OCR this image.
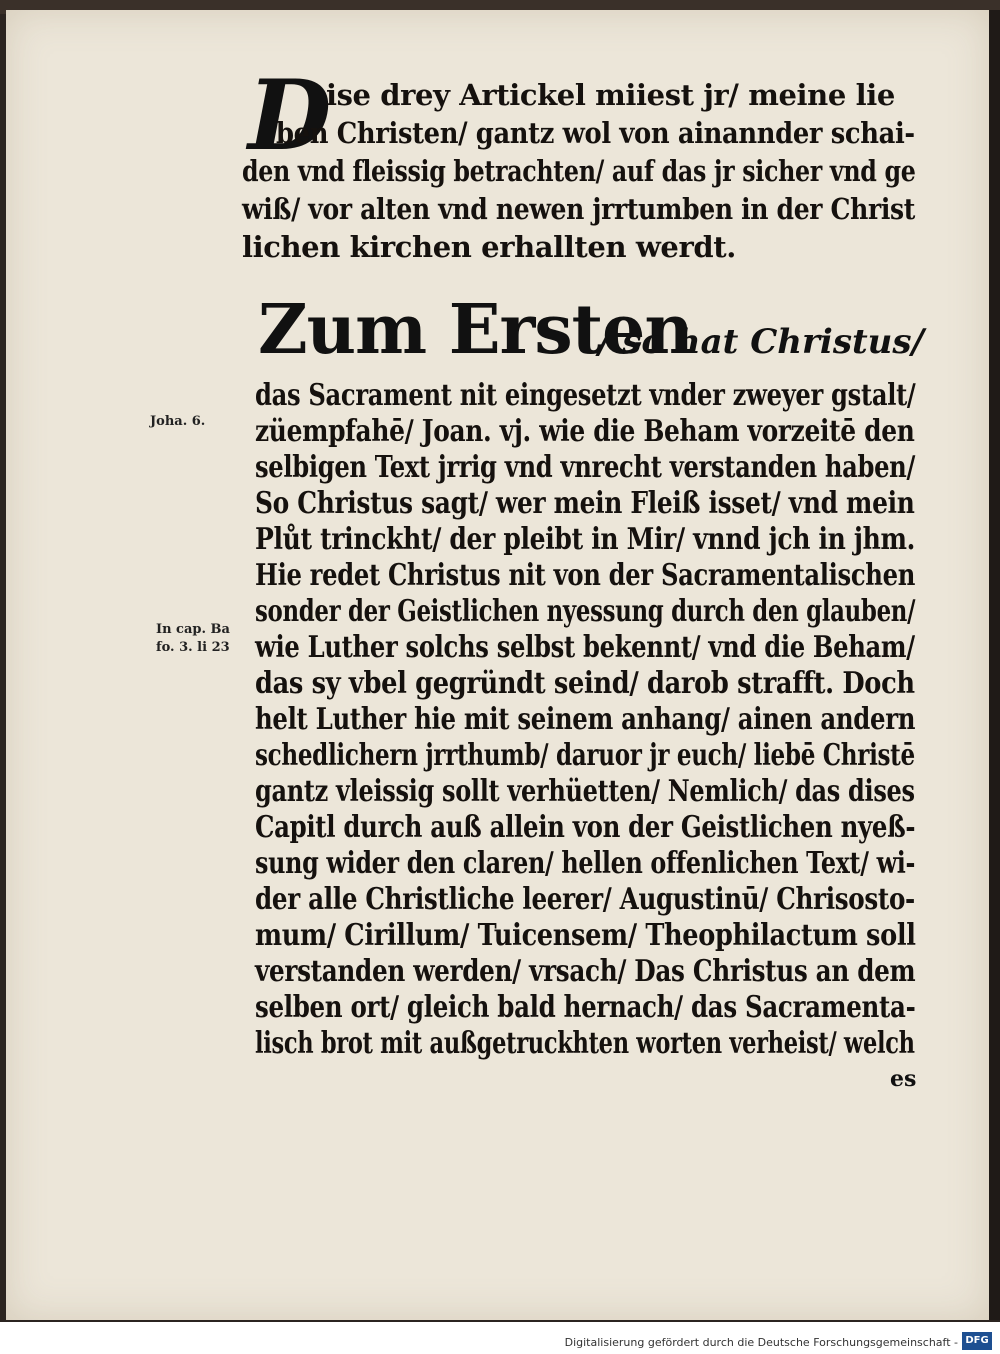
D
ise drey Artickel miiest jr/ meine lie
ben Christen/ gantz wol von ainannder schai-
den vnd fleissig betrachten/ auf das jr sicher vnd ge
wiß/ vor alten vnd newen jrrtumben in der Christ
lichen kirchen erhallten werdt.
Zum Ersten
/ so hat Christus/
Joha. 6.
In cap. Ba
fo. 3. li 23
das Sacrament nit eingesetzt vnder zweyer gstalt/
züempfahē/ Joan. vj. wie die Beham vorzeitē den
selbigen Text jrrig vnd vnrecht verstanden haben/
So Christus sagt/ wer mein Fleiß isset/ vnd mein
Plůt trinckht/ der pleibt in Mir/ vnnd jch in jhm.
Hie redet Christus nit von der Sacramentalischen
sonder der Geistlichen nyessung durch den glauben/
wie Luther solchs selbst bekennt/ vnd die Beham/
das sy vbel gegründt seind/ darob strafft. Doch
helt Luther hie mit seinem anhang/ ainen andern
schedlichern jrrthumb/ daruor jr euch/ liebē Christē
gantz vleissig sollt verhüetten/ Nemlich/ das dises
Capitl durch auß allein von der Geistlichen nyeß-
sung wider den claren/ hellen offenlichen Text/ wi-
der alle Christliche leerer/ Augustinū/ Chrisosto-
mum/ Cirillum/ Tuicensem/ Theophilactum soll
verstanden werden/ vrsach/ Das Christus an dem
selben ort/ gleich bald hernach/ das Sacramenta-
lisch brot mit außgetruckhten worten verheist/ welch
es
Digitalisierung gefördert durch die Deutsche Forschungsgemeinschaft - DFG
